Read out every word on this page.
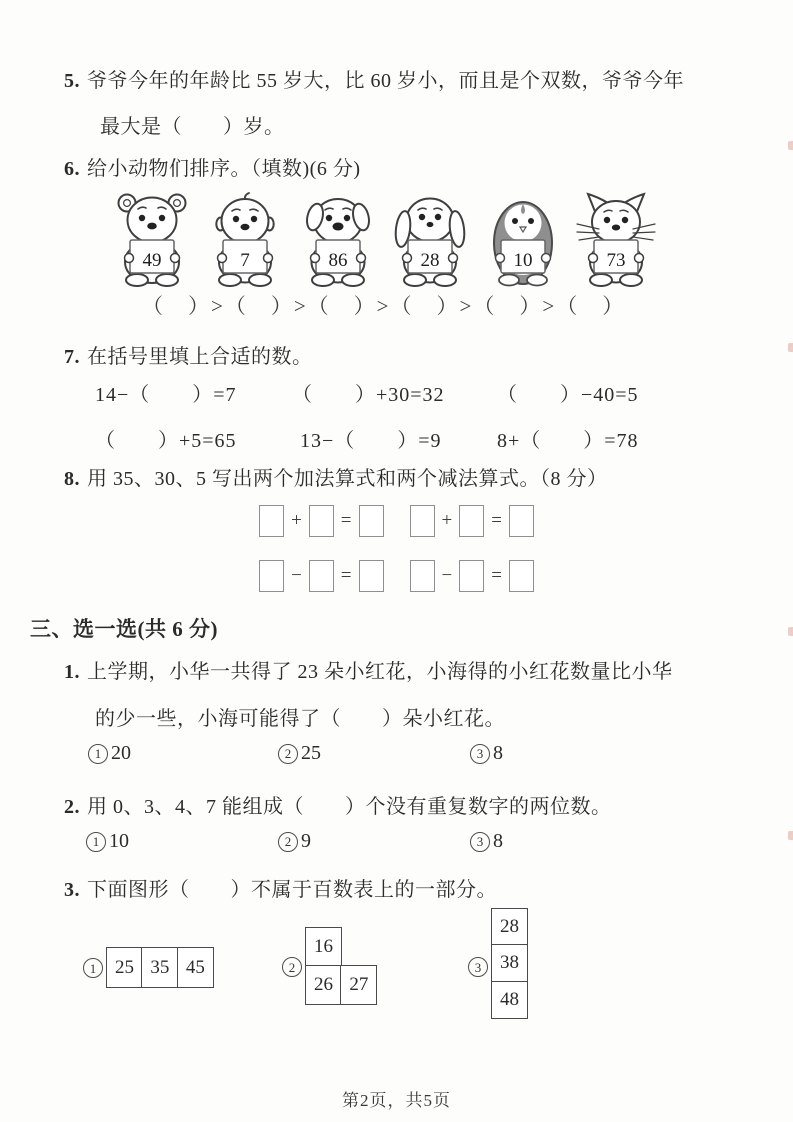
5. 爷爷今年的年龄比 55 岁大，比 60 岁小，而且是个双数，爷爷今年
最大是（　　）岁。
6. 给小动物们排序。（填数)(6 分)
49	7	86	28	10	73
（　）>（　）>（　）>（　）>（　）>（　）
7. 在括号里填上合适的数。
14−（　　）=7	（　　）+30=32	（　　）−40=5
（　　）+5=65	13−（　　）=9	8+（　　）=78
8. 用 35、30、5 写出两个加法算式和两个减法算式。（8 分）
+ =	+ =
− =	− =
三、选一选(共 6 分)
1. 上学期，小华一共得了 23 朵小红花，小海得的小红花数量比小华
的少一些，小海可能得了（　　）朵小红花。
1 20	2 25	3 8
2. 用 0、3、4、7 能组成（　　）个没有重复数字的两位数。
1 10	2 9	3 8
3. 下面图形（　　）不属于百数表上的一部分。
1 25 35 45	2
16
26 27
3
28
38
48
第2页，共5页
